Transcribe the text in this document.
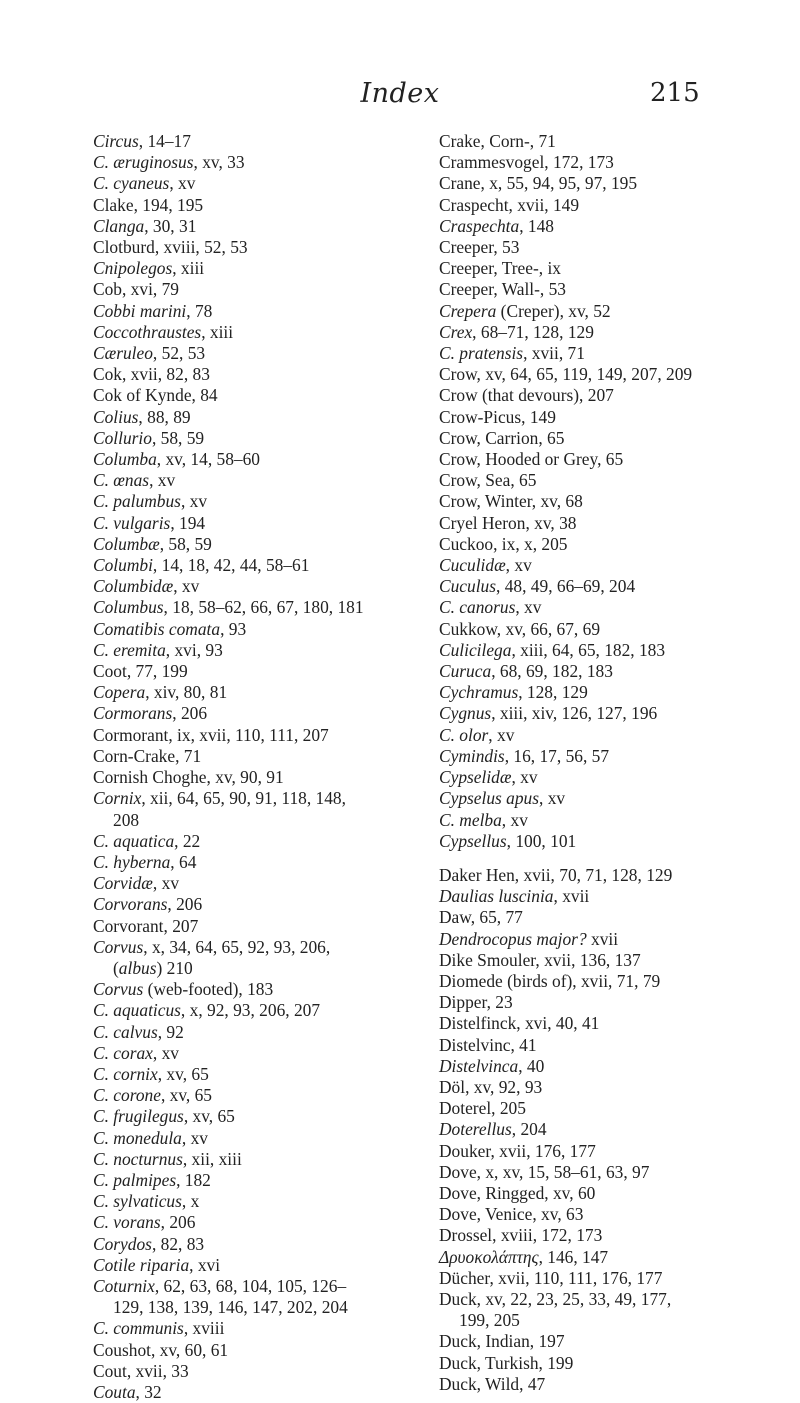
Index	215
Circus, 14–17
C. æruginosus, xv, 33
C. cyaneus, xv
Clake, 194, 195
Clanga, 30, 31
Clotburd, xviii, 52, 53
Cnipolegos, xiii
Cob, xvi, 79
Cobbi marini, 78
Coccothraustes, xiii
Cæruleo, 52, 53
Cok, xvii, 82, 83
Cok of Kynde, 84
Colius, 88, 89
Collurio, 58, 59
Columba, xv, 14, 58–60
C. œnas, xv
C. palumbus, xv
C. vulgaris, 194
Columbæ, 58, 59
Columbi, 14, 18, 42, 44, 58–61
Columbidæ, xv
Columbus, 18, 58–62, 66, 67, 180, 181
Comatibis comata, 93
C. eremita, xvi, 93
Coot, 77, 199
Copera, xiv, 80, 81
Cormorans, 206
Cormorant, ix, xvii, 110, 111, 207
Corn-Crake, 71
Cornish Choghe, xv, 90, 91
Cornix, xii, 64, 65, 90, 91, 118, 148,
208
C. aquatica, 22
C. hyberna, 64
Corvidæ, xv
Corvorans, 206
Corvorant, 207
Corvus, x, 34, 64, 65, 92, 93, 206,
(albus) 210
Corvus (web-footed), 183
C. aquaticus, x, 92, 93, 206, 207
C. calvus, 92
C. corax, xv
C. cornix, xv, 65
C. corone, xv, 65
C. frugilegus, xv, 65
C. monedula, xv
C. nocturnus, xii, xiii
C. palmipes, 182
C. sylvaticus, x
C. vorans, 206
Corydos, 82, 83
Cotile riparia, xvi
Coturnix, 62, 63, 68, 104, 105, 126–
129, 138, 139, 146, 147, 202, 204
C. communis, xviii
Coushot, xv, 60, 61
Cout, xvii, 33
Couta, 32
Crake, Corn-, 71
Crammesvogel, 172, 173
Crane, x, 55, 94, 95, 97, 195
Craspecht, xvii, 149
Craspechta, 148
Creeper, 53
Creeper, Tree-, ix
Creeper, Wall-, 53
Crepera (Creper), xv, 52
Crex, 68–71, 128, 129
C. pratensis, xvii, 71
Crow, xv, 64, 65, 119, 149, 207, 209
Crow (that devours), 207
Crow-Picus, 149
Crow, Carrion, 65
Crow, Hooded or Grey, 65
Crow, Sea, 65
Crow, Winter, xv, 68
Cryel Heron, xv, 38
Cuckoo, ix, x, 205
Cuculidæ, xv
Cuculus, 48, 49, 66–69, 204
C. canorus, xv
Cukkow, xv, 66, 67, 69
Culicilega, xiii, 64, 65, 182, 183
Curuca, 68, 69, 182, 183
Cychramus, 128, 129
Cygnus, xiii, xiv, 126, 127, 196
C. olor, xv
Cymindis, 16, 17, 56, 57
Cypselidæ, xv
Cypselus apus, xv
C. melba, xv
Cypsellus, 100, 101
Daker Hen, xvii, 70, 71, 128, 129
Daulias luscinia, xvii
Daw, 65, 77
Dendrocopus major? xvii
Dike Smouler, xvii, 136, 137
Diomede (birds of), xvii, 71, 79
Dipper, 23
Distelfinck, xvi, 40, 41
Distelvinc, 41
Distelvinca, 40
Döl, xv, 92, 93
Doterel, 205
Doterellus, 204
Douker, xvii, 176, 177
Dove, x, xv, 15, 58–61, 63, 97
Dove, Ringged, xv, 60
Dove, Venice, xv, 63
Drossel, xviii, 172, 173
Δρυοκολάπτης, 146, 147
Dücher, xvii, 110, 111, 176, 177
Duck, xv, 22, 23, 25, 33, 49, 177,
199, 205
Duck, Indian, 197
Duck, Turkish, 199
Duck, Wild, 47
